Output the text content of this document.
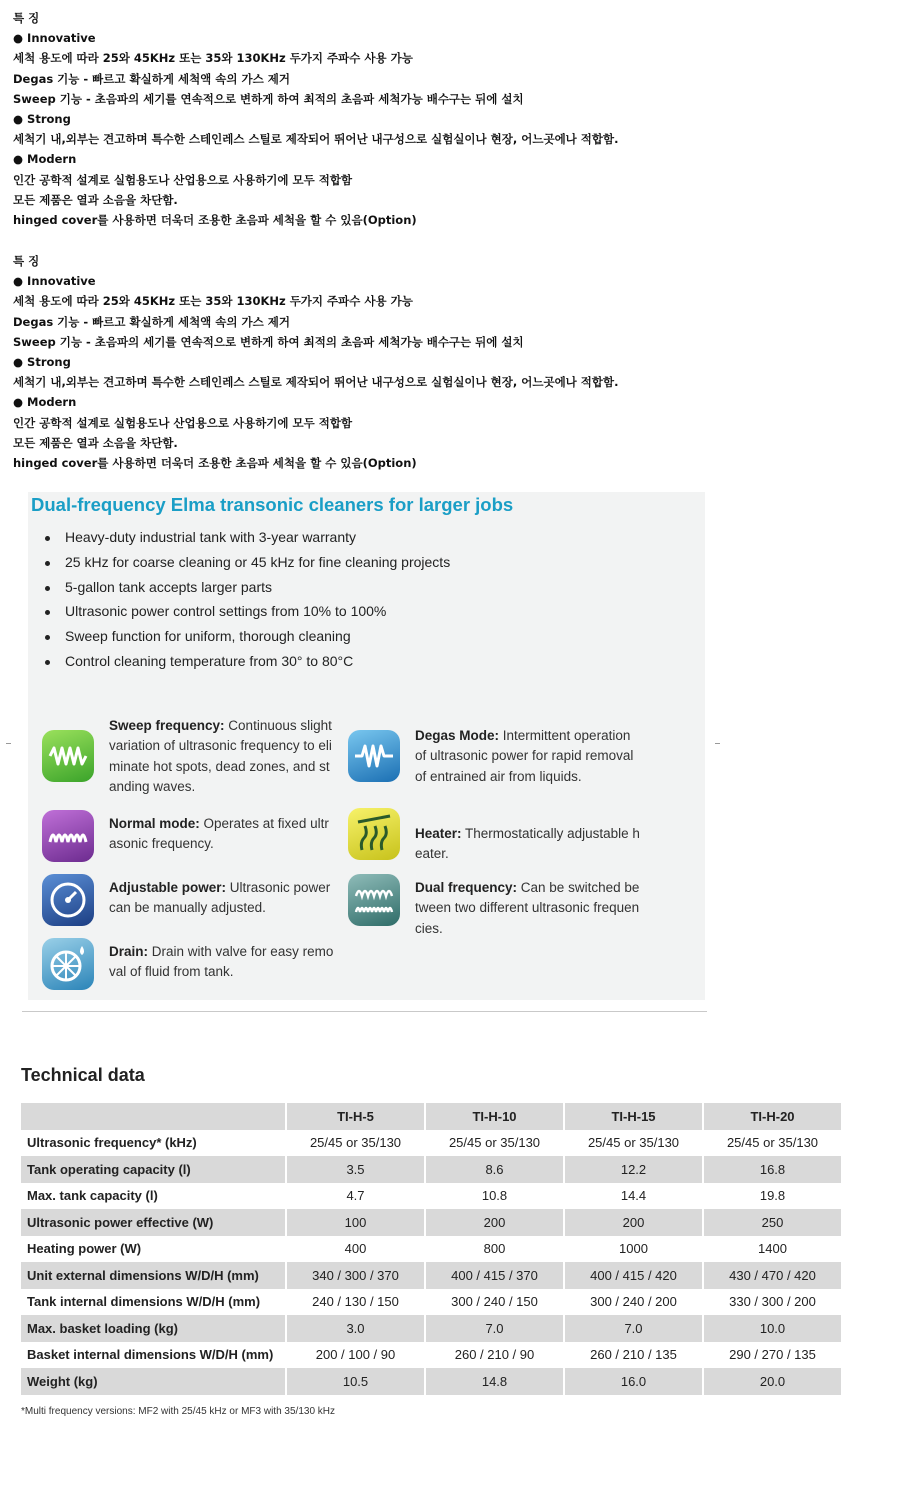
특 징
● Innovative
세척 용도에 따라 25와 45KHz 또는 35와 130KHz 두가지 주파수 사용 가능
Degas 기능 - 빠르고 확실하게 세척액 속의 가스 제거
Sweep 기능 - 초음파의 세기를 연속적으로 변하게 하여 최적의 초음파 세척가능 배수구는 뒤에 설치
● Strong
세척기 내,외부는 견고하며 특수한 스테인레스 스틸로 제작되어 뛰어난 내구성으로 실험실이나 현장, 어느곳에나 적합함.
● Modern
인간 공학적 설계로 실험용도나 산업용으로 사용하기에 모두 적합함
모든 제품은 열과 소음을 차단함.
hinged cover를 사용하면 더욱더 조용한 초음파 세척을 할 수 있음(Option)
특 징
● Innovative
세척 용도에 따라 25와 45KHz 또는 35와 130KHz 두가지 주파수 사용 가능
Degas 기능 - 빠르고 확실하게 세척액 속의 가스 제거
Sweep 기능 - 초음파의 세기를 연속적으로 변하게 하여 최적의 초음파 세척가능 배수구는 뒤에 설치
● Strong
세척기 내,외부는 견고하며 특수한 스테인레스 스틸로 제작되어 뛰어난 내구성으로 실험실이나 현장, 어느곳에나 적합함.
● Modern
인간 공학적 설계로 실험용도나 산업용으로 사용하기에 모두 적합함
모든 제품은 열과 소음을 차단함.
hinged cover를 사용하면 더욱더 조용한 초음파 세척을 할 수 있음(Option)
Dual-frequency Elma transonic cleaners for larger jobs
Heavy-duty industrial tank with 3-year warranty
25 kHz for coarse cleaning or 45 kHz for fine cleaning projects
5-gallon tank accepts larger parts
Ultrasonic power control settings from 10% to 100%
Sweep function for uniform, thorough cleaning
Control cleaning temperature from 30° to 80°C
Sweep frequency: Continuous slight variation of ultrasonic frequency to eliminate hot spots, dead zones, and standing waves.
Degas Mode: Intermittent operation of ultrasonic power for rapid removal of entrained air from liquids.
Normal mode: Operates at fixed ultrasonic frequency.
Heater: Thermostatically adjustable heater.
Adjustable power: Ultrasonic power can be manually adjusted.
Dual frequency: Can be switched between two different ultrasonic frequencies.
Drain: Drain with valve for easy removal of fluid from tank.
Technical data
	TI-H-5	TI-H-10	TI-H-15	TI-H-20
Ultrasonic frequency* (kHz)	25/45 or 35/130	25/45 or 35/130	25/45 or 35/130	25/45 or 35/130
Tank operating capacity (l)	3.5	8.6	12.2	16.8
Max. tank capacity (l)	4.7	10.8	14.4	19.8
Ultrasonic power effective (W)	100	200	200	250
Heating power (W)	400	800	1000	1400
Unit external dimensions W/D/H (mm)	340 / 300 / 370	400 / 415 / 370	400 / 415 / 420	430 / 470 / 420
Tank internal dimensions W/D/H (mm)	240 / 130 / 150	300 / 240 / 150	300 / 240 / 200	330 / 300 / 200
Max. basket loading (kg)	3.0	7.0	7.0	10.0
Basket internal dimensions W/D/H (mm)	200 / 100 / 90	260 / 210 / 90	260 / 210 / 135	290 / 270 / 135
Weight (kg)	10.5	14.8	16.0	20.0
*Multi frequency versions: MF2 with 25/45 kHz or MF3 with 35/130 kHz
